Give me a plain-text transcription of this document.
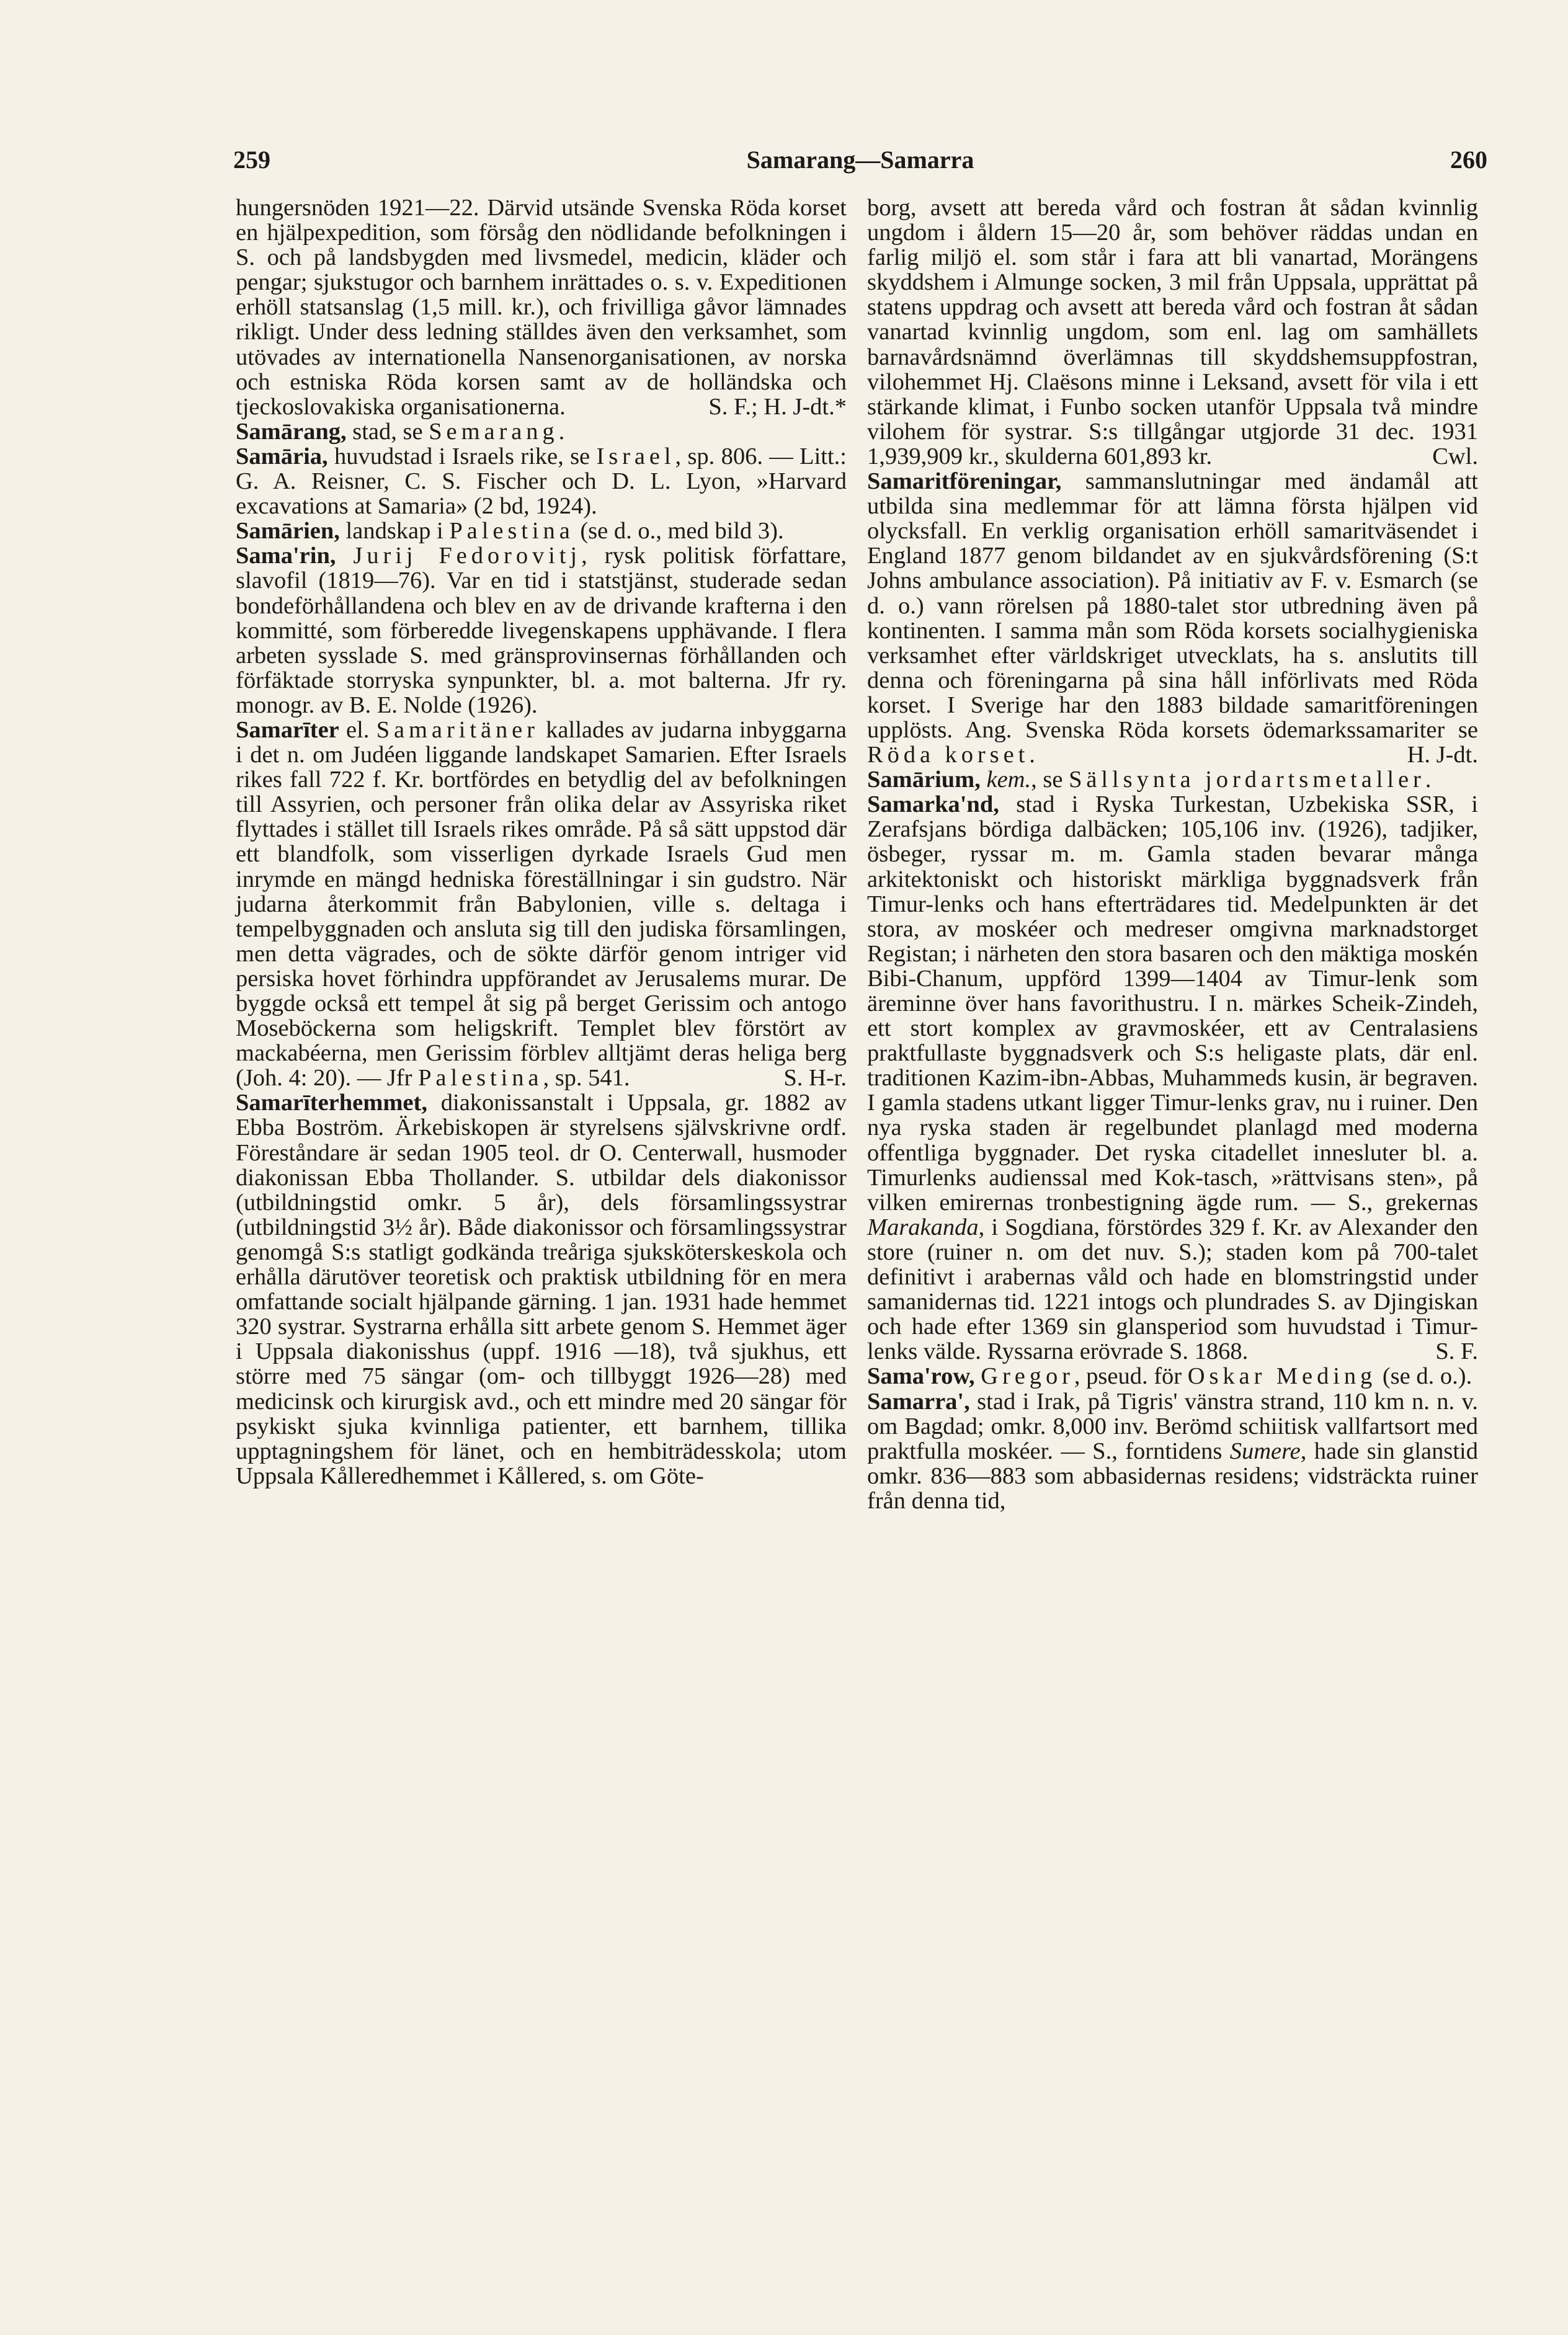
259	Samarang—Samarra	260

hungersnöden 1921—22. Därvid utsände Svenska Röda korset en hjälpexpedition, som försåg den nödlidande befolkningen i S. och på landsbygden med livsmedel, medicin, kläder och pengar; sjukstugor och barnhem inrättades o. s. v. Expeditionen erhöll statsanslag (1,5 mill. kr.), och frivilliga gåvor lämnades rikligt. Under dess ledning ställdes även den verksamhet, som utövades av internationella Nansenorganisationen, av norska och estniska Röda korsen samt av de holländska och tjeckoslovakiska organisationerna.	S. F.; H. J-dt.*

Samārang, stad, se Semarang.

Samāria, huvudstad i Israels rike, se Israel, sp. 806. — Litt.: G. A. Reisner, C. S. Fischer och D. L. Lyon, »Harvard excavations at Samaria» (2 bd, 1924).

Samārien, landskap i Palestina (se d. o., med bild 3).

Sama'rin, Jurij Fedorovitj, rysk politisk författare, slavofil (1819—76). Var en tid i statstjänst, studerade sedan bondeförhållandena och blev en av de drivande krafterna i den kommitté, som förberedde livegenskapens upphävande. I flera arbeten sysslade S. med gränsprovinsernas förhållanden och förfäktade storryska synpunkter, bl. a. mot balterna. Jfr ry. monogr. av B. E. Nolde (1926).

Samarīter el. Samaritäner kallades av judarna inbyggarna i det n. om Judéen liggande landskapet Samarien. Efter Israels rikes fall 722 f. Kr. bortfördes en betydlig del av befolkningen till Assyrien, och personer från olika delar av Assyriska riket flyttades i stället till Israels rikes område. På så sätt uppstod där ett blandfolk, som visserligen dyrkade Israels Gud men inrymde en mängd hedniska föreställningar i sin gudstro. När judarna återkommit från Babylonien, ville s. deltaga i tempelbyggnaden och ansluta sig till den judiska församlingen, men detta vägrades, och de sökte därför genom intriger vid persiska hovet förhindra uppförandet av Jerusalems murar. De byggde också ett tempel åt sig på berget Gerissim och antogo Moseböckerna som heligskrift. Templet blev förstört av mackabéerna, men Gerissim förblev alltjämt deras heliga berg (Joh. 4: 20). — Jfr Palestina, sp. 541.	S. H-r.

Samarīterhemmet, diakonissanstalt i Uppsala, gr. 1882 av Ebba Boström. Ärkebiskopen är styrelsens självskrivne ordf. Föreståndare är sedan 1905 teol. dr O. Centerwall, husmoder diakonissan Ebba Thollander. S. utbildar dels diakonissor (utbildningstid omkr. 5 år), dels församlingssystrar (utbildningstid 3½ år). Både diakonissor och församlingssystrar genomgå S:s statligt godkända treåriga sjuksköterskeskola och erhålla därutöver teoretisk och praktisk utbildning för en mera omfattande socialt hjälpande gärning. 1 jan. 1931 hade hemmet 320 systrar. Systrarna erhålla sitt arbete genom S. Hemmet äger i Uppsala diakonisshus (uppf. 1916 —18), två sjukhus, ett större med 75 sängar (om- och tillbyggt 1926—28) med medicinsk och kirurgisk avd., och ett mindre med 20 sängar för psykiskt sjuka kvinnliga patienter, ett barnhem, tillika upptagningshem för länet, och en hembiträdesskola; utom Uppsala Kålleredhemmet i Kållered, s. om Göte-

borg, avsett att bereda vård och fostran åt sådan kvinnlig ungdom i åldern 15—20 år, som behöver räddas undan en farlig miljö el. som står i fara att bli vanartad, Morängens skyddshem i Almunge socken, 3 mil från Uppsala, upprättat på statens uppdrag och avsett att bereda vård och fostran åt sådan vanartad kvinnlig ungdom, som enl. lag om samhällets barnavårdsnämnd överlämnas till skyddshemsuppfostran, vilohemmet Hj. Claësons minne i Leksand, avsett för vila i ett stärkande klimat, i Funbo socken utanför Uppsala två mindre vilohem för systrar. S:s tillgångar utgjorde 31 dec. 1931 1,939,909 kr., skulderna 601,893 kr.	Cwl.

Samaritföreningar, sammanslutningar med ändamål att utbilda sina medlemmar för att lämna första hjälpen vid olycksfall. En verklig organisation erhöll samaritväsendet i England 1877 genom bildandet av en sjukvårdsförening (S:t Johns ambulance association). På initiativ av F. v. Esmarch (se d. o.) vann rörelsen på 1880-talet stor utbredning även på kontinenten. I samma mån som Röda korsets socialhygieniska verksamhet efter världskriget utvecklats, ha s. anslutits till denna och föreningarna på sina håll införlivats med Röda korset. I Sverige har den 1883 bildade samaritföreningen upplösts. Ang. Svenska Röda korsets ödemarkssamariter se Röda korset.	H. J-dt.

Samārium, kem., se Sällsynta jordartsmetaller.

Samarka'nd, stad i Ryska Turkestan, Uzbekiska SSR, i Zerafsjans bördiga dalbäcken; 105,106 inv. (1926), tadjiker, ösbeger, ryssar m. m. Gamla staden bevarar många arkitektoniskt och historiskt märkliga byggnadsverk från Timur-lenks och hans efterträdares tid. Medelpunkten är det stora, av moskéer och medreser omgivna marknadstorget Registan; i närheten den stora basaren och den mäktiga moskén Bibi-Chanum, uppförd 1399—1404 av Timur-lenk som äreminne över hans favorithustru. I n. märkes Scheik-Zindeh, ett stort komplex av gravmoskéer, ett av Centralasiens praktfullaste byggnadsverk och S:s heligaste plats, där enl. traditionen Kazim-ibn-Abbas, Muhammeds kusin, är begraven. I gamla stadens utkant ligger Timur-lenks grav, nu i ruiner. Den nya ryska staden är regelbundet planlagd med moderna offentliga byggnader. Det ryska citadellet innesluter bl. a. Timurlenks audienssal med Kok-tasch, »rättvisans sten», på vilken emirernas tronbestigning ägde rum. — S., grekernas Marakanda, i Sogdiana, förstördes 329 f. Kr. av Alexander den store (ruiner n. om det nuv. S.); staden kom på 700-talet definitivt i arabernas våld och hade en blomstringstid under samanidernas tid. 1221 intogs och plundrades S. av Djingiskan och hade efter 1369 sin glansperiod som huvudstad i Timur-lenks välde. Ryssarna erövrade S. 1868.	S. F.

Sama'row, Gregor, pseud. för Oskar Meding (se d. o.).

Samarra', stad i Irak, på Tigris' vänstra strand, 110 km n. n. v. om Bagdad; omkr. 8,000 inv. Berömd schiitisk vallfartsort med praktfulla moskéer. — S., forntidens Sumere, hade sin glanstid omkr. 836—883 som abbasidernas residens; vidsträckta ruiner från denna tid,
